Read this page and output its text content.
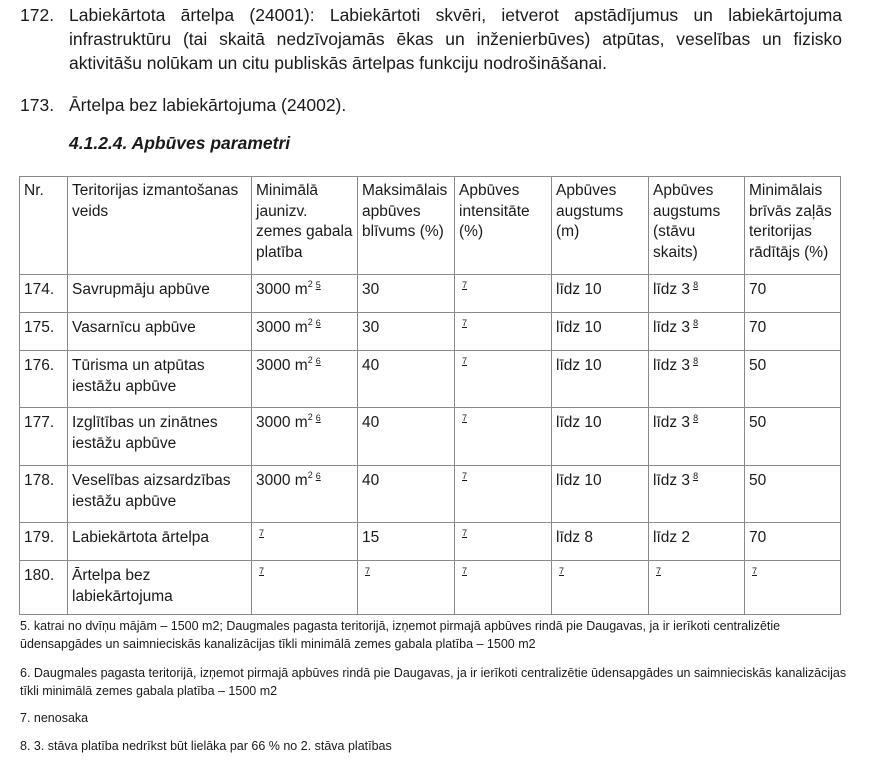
172. Labiekārtota ārtelpa (24001): Labiekārtoti skvēri, ietverot apstādījumus un labiekārtojuma infrastruktūru (tai skaitā nedzīvojamās ēkas un inženierbūves) atpūtas, veselības un fizisko aktivitāšu nolūkam un citu publiskās ārtelpas funkciju nodrošināšanai.
173. Ārtelpa bez labiekārtojuma (24002).
4.1.2.4. Apbūves parametri
Nr.	Teritorijas izmantošanas veids	Minimālā jaunizv. zemes gabala platība	Maksimālais apbūves blīvums (%)	Apbūves intensitāte (%)	Apbūves augstums (m)	Apbūves augstums (stāvu skaits)	Minimālais brīvās zaļās teritorijas rādītājs (%)
174.	Savrupmāju apbūve	3000 $m^2$ $^5$	30	$^7$	līdz 10	līdz 3 $^8$	70
175.	Vasarnīcu apbūve	3000 $m^2$ $^6$	30	$^7$	līdz 10	līdz 3 $^8$	70
176.	Tūrisma un atpūtas iestāžu apbūve	3000 $m^2$ $^6$	40	$^7$	līdz 10	līdz 3 $^8$	50
177.	Izglītības un zinātnes iestāžu apbūve	3000 $m^2$ $^6$	40	$^7$	līdz 10	līdz 3 $^8$	50
178.	Veselības aizsardzības iestāžu apbūve	3000 $m^2$ $^6$	40	$^7$	līdz 10	līdz 3 $^8$	50
179.	Labiekārtota ārtelpa	$^7$	15	$^7$	līdz 8	līdz 2	70
180.	Ārtelpa bez labiekārtojuma	$^7$	$^7$	$^7$	$^7$	$^7$	$^7$
5. katrai no dvīņu mājām – 1500 m2; Daugmales pagasta teritorijā, izņemot pirmajā apbūves rindā pie Daugavas, ja ir ierīkoti centralizētie ūdensapgādes un saimnieciskās kanalizācijas tīkli minimālā zemes gabala platība – 1500 m2
6. Daugmales pagasta teritorijā, izņemot pirmajā apbūves rindā pie Daugavas, ja ir ierīkoti centralizētie ūdensapgādes un saimnieciskās kanalizācijas tīkli minimālā zemes gabala platība – 1500 m2
7. nenosaka
8. 3. stāva platība nedrīkst būt lielāka par 66 % no 2. stāva platības
